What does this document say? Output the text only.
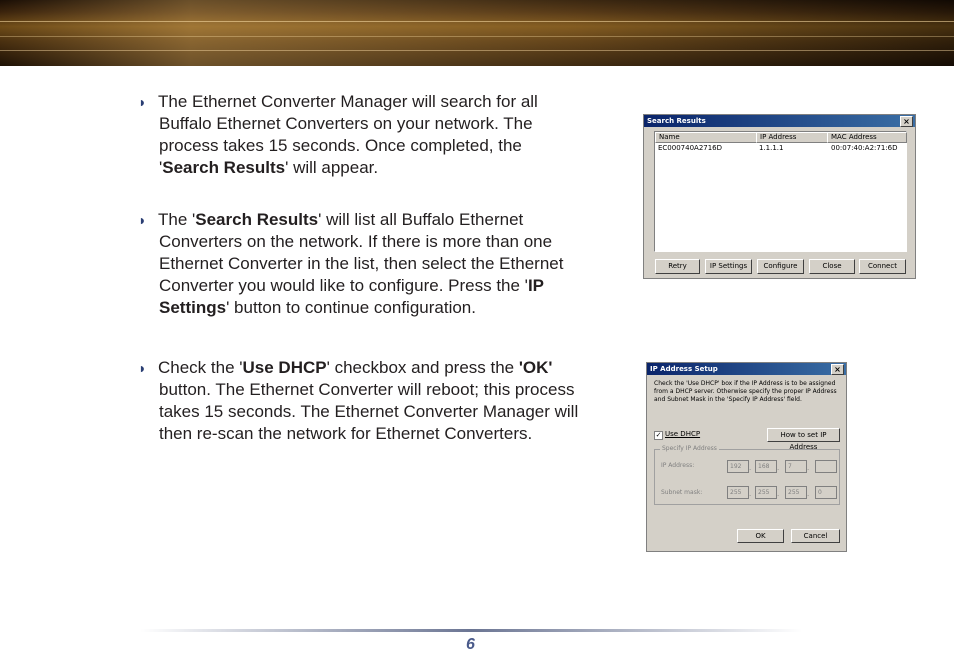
◗ The Ethernet Converter Manager will search for all
Buffalo Ethernet Converters on your network. The
process takes 15 seconds. Once completed, the
'Search Results' will appear.
◗ The 'Search Results' will list all Buffalo Ethernet
Converters on the network. If there is more than one
Ethernet Converter in the list, then select the Ethernet
Converter you would like to configure. Press the 'IP
Settings' button to continue configuration.
◗ Check the 'Use DHCP' checkbox and press the 'OK'
button. The Ethernet Converter will reboot; this process
takes 15 seconds. The Ethernet Converter Manager will
then re-scan the network for Ethernet Converters.
Search Results	×
Name	IP Address	MAC Address
EC000740A2716D	1.1.1.1	00:07:40:A2:71:6D
Retry	IP Settings	Configure	Close	Connect
IP Address Setup	×
Check the 'Use DHCP' box if the IP Address is to be assigned from a DHCP server. Otherwise specify the proper IP Address and Subnet Mask in the 'Specify IP Address' field.
✓ Use DHCP	How to set IP Address
Specify IP Address
IP Address:	192	.	168	.	7	.
Subnet mask:	255	.	255	.	255	.	0
OK	Cancel
6
